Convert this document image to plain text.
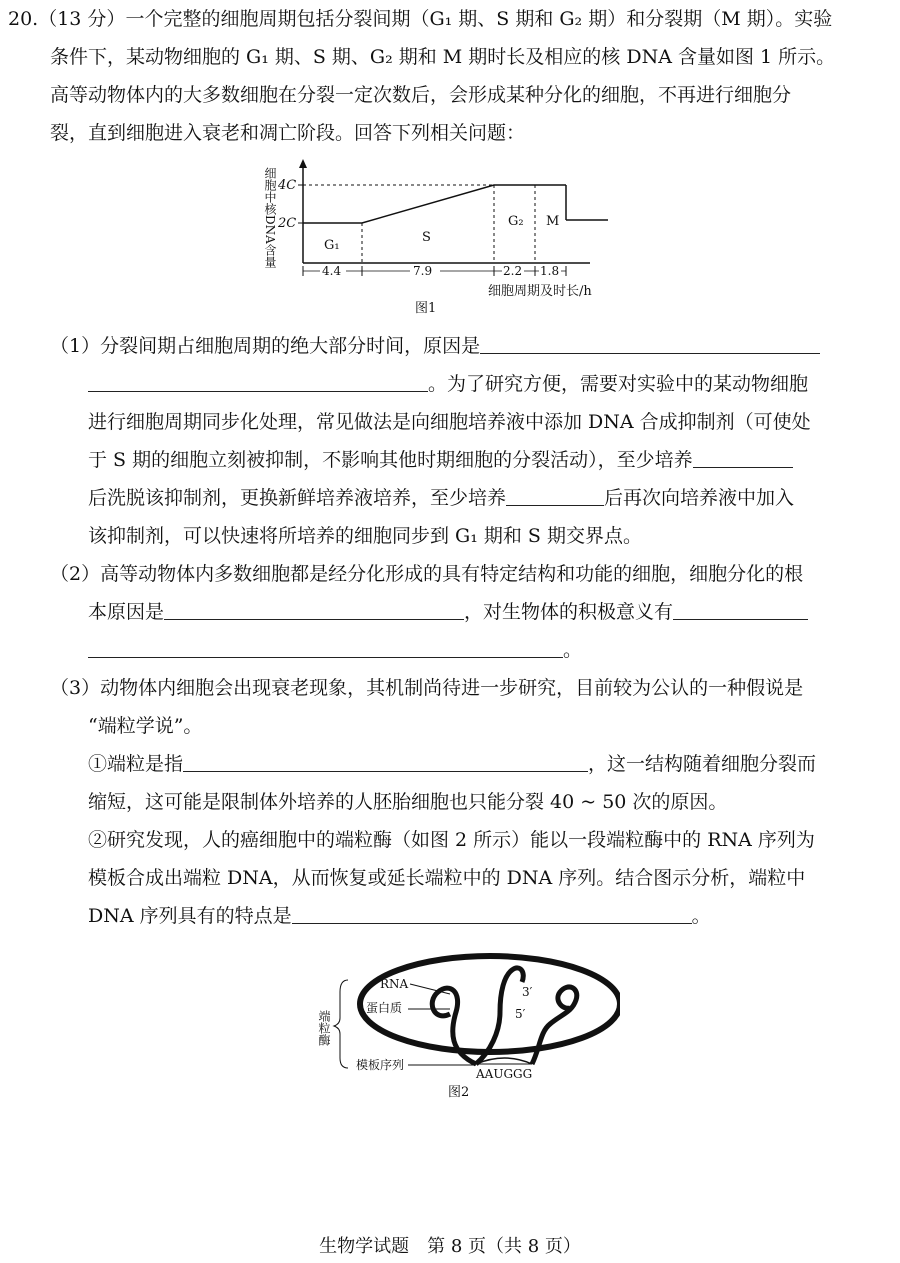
20.（13 分）一个完整的细胞周期包括分裂间期（G₁ 期、S 期和 G₂ 期）和分裂期（M 期）。实验
条件下，某动物细胞的 G₁ 期、S 期、G₂ 期和 M 期时长及相应的核 DNA 含量如图 1 所示。
高等动物体内的大多数细胞在分裂一定次数后，会形成某种分化的细胞，不再进行细胞分
裂，直到细胞进入衰老和凋亡阶段。回答下列相关问题：
细胞中核DNA含量 4C
2C
G₁
S
G₂ M
4.4	7.9	2.2 1.8
细胞周期及时长/h
图1
（1）分裂间期占细胞周期的绝大部分时间，原因是
。为了研究方便，需要对实验中的某动物细胞
进行细胞周期同步化处理，常见做法是向细胞培养液中添加 DNA 合成抑制剂（可使处
于 S 期的细胞立刻被抑制，不影响其他时期细胞的分裂活动），至少培养
后洗脱该抑制剂，更换新鲜培养液培养，至少培养	后再次向培养液中加入
该抑制剂，可以快速将所培养的细胞同步到 G₁ 期和 S 期交界点。
（2）高等动物体内多数细胞都是经分化形成的具有特定结构和功能的细胞，细胞分化的根
本原因是	，对生物体的积极意义有
。
（3）动物体内细胞会出现衰老现象，其机制尚待进一步研究，目前较为公认的一种假说是
“端粒学说”。
①端粒是指	，这一结构随着细胞分裂而
缩短，这可能是限制体外培养的人胚胎细胞也只能分裂 40 ~ 50 次的原因。
②研究发现，人的癌细胞中的端粒酶（如图 2 所示）能以一段端粒酶中的 RNA 序列为
模板合成出端粒 DNA，从而恢复或延长端粒中的 DNA 序列。结合图示分析，端粒中
DNA 序列具有的特点是	。
RNA
蛋白质
模板序列
3′
5′
AAUGGG
端粒酶
图2
生物学试题　第 8 页（共 8 页）
